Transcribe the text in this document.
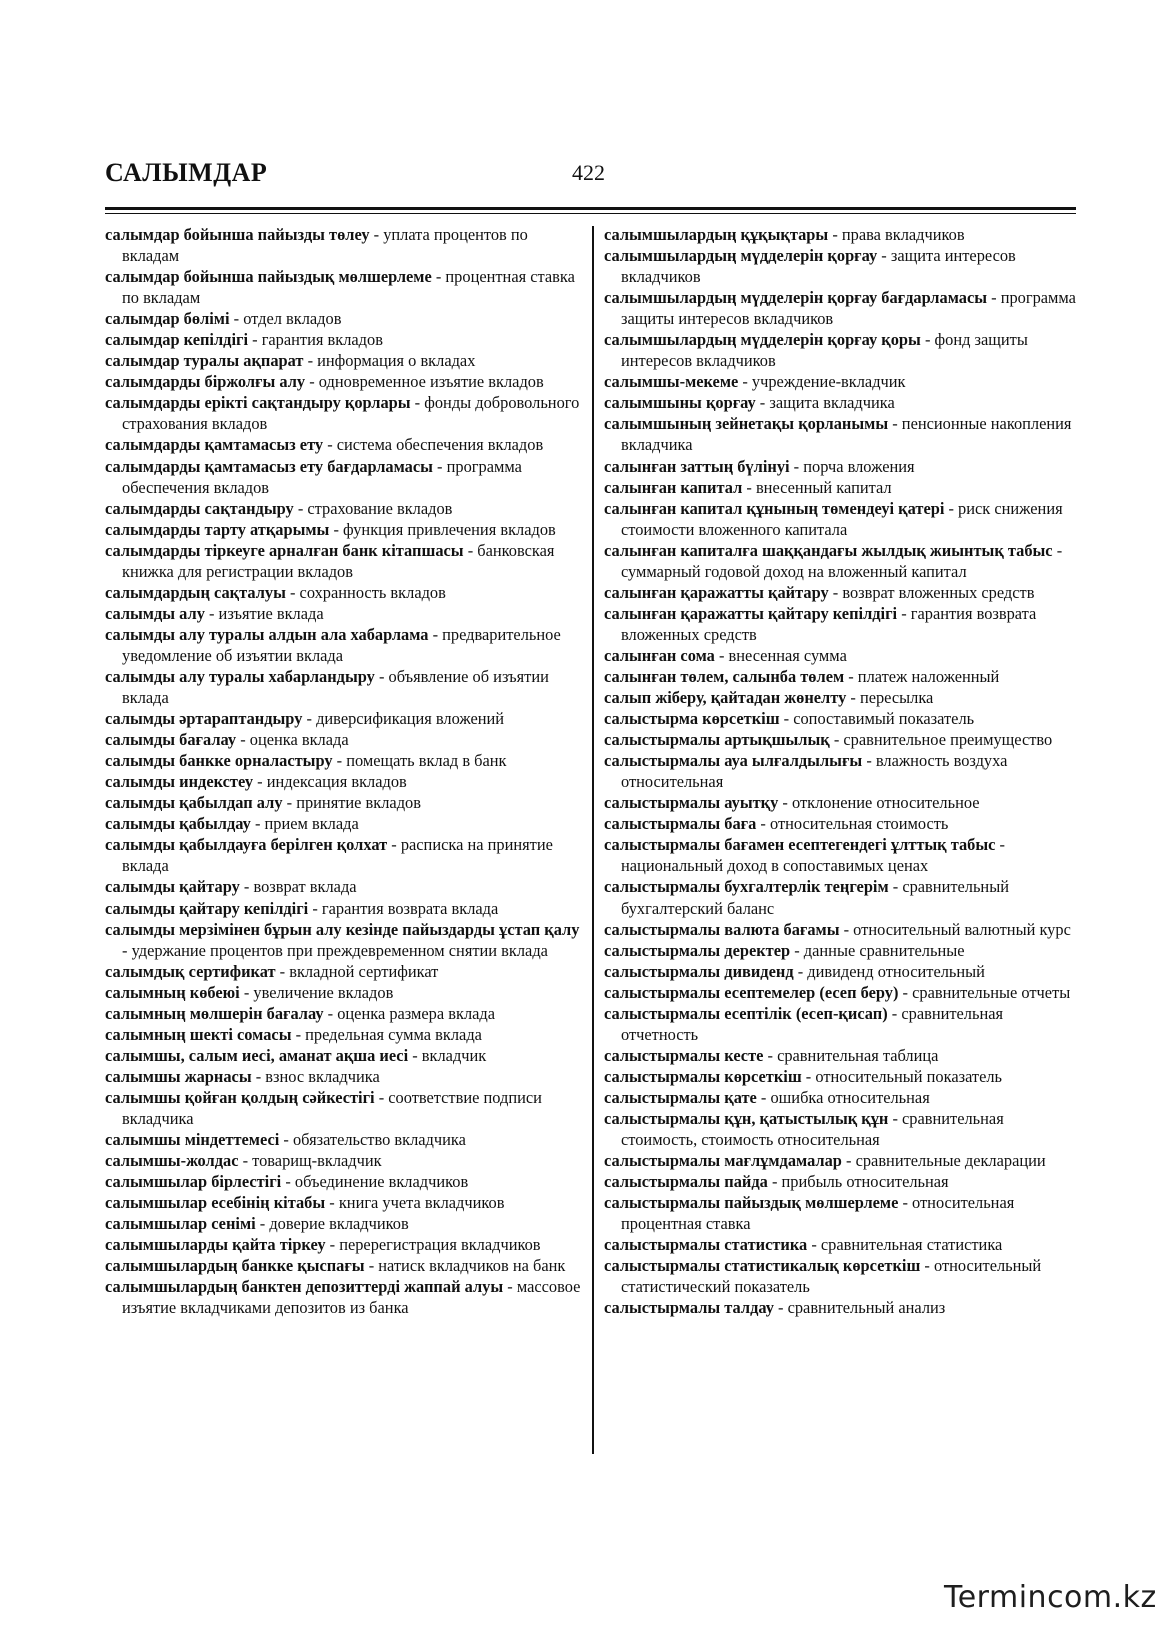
САЛЫМДАР	422

салымдар бойынша пайызды төлеу - уплата процентов по вкладам

салымдар бойынша пайыздық мөлшерлеме - процентная ставка по вкладам

салымдар бөлімі - отдел вкладов

салымдар кепілдігі - гарантия вкладов

салымдар туралы ақпарат - информация о вкладах

салымдарды біржолғы алу - одновременное изъятие вкладов

салымдарды ерікті сақтандыру қорлары - фонды добровольного страхования вкладов

салымдарды қамтамасыз ету - система обеспечения вкладов

салымдарды қамтамасыз ету бағдарламасы - программа обеспечения вкладов

салымдарды сақтандыру - страхование вкладов

салымдарды тарту атқарымы - функция привлечения вкладов

салымдарды тіркеуге арналған банк кітапшасы - банковская книжка для регистрации вкладов

салымдардың сақталуы - сохранность вкладов

салымды алу - изъятие вклада

салымды алу туралы алдын ала хабарлама - предварительное уведомление об изъятии вклада

салымды алу туралы хабарландыру - объявление об изъятии вклада

салымды әртараптандыру - диверсификация вложений

салымды бағалау - оценка вклада

салымды банкке орналастыру - помещать вклад в банк

салымды индекстеу - индексация вкладов

салымды қабылдап алу - принятие вкладов

салымды қабылдау - прием вклада

салымды қабылдауға берілген қолхат - расписка на принятие вклада

салымды қайтару - возврат вклада

салымды қайтару кепілдігі - гарантия возврата вклада

салымды мерзімінен бұрын алу кезінде пайыздарды ұстап қалу - удержание процентов при преждевременном снятии вклада

салымдық сертификат - вкладной сертификат

салымның көбеюі - увеличение вкладов

салымның мөлшерін бағалау - оценка размера вклада

салымның шекті сомасы - предельная сумма вклада

салымшы, салым иесі, аманат ақша иесі - вкладчик

салымшы жарнасы - взнос вкладчика

салымшы қойған қолдың сәйкестігі - соответствие подписи вкладчика

салымшы міндеттемесі - обязательство вкладчика

салымшы-жолдас - товарищ-вкладчик

салымшылар бірлестігі - объединение вкладчиков

салымшылар есебінің кітабы - книга учета вкладчиков

салымшылар сенімі - доверие вкладчиков

салымшыларды қайта тіркеу - перерегистрация вкладчиков

салымшылардың банкке қыспағы - натиск вкладчиков на банк

салымшылардың банктен депозиттерді жаппай алуы - массовое изъятие вкладчиками депозитов из банка

салымшылардың құқықтары - права вкладчиков

салымшылардың мүдделерін қорғау - защита интересов вкладчиков

салымшылардың мүдделерін қорғау бағдарламасы - программа защиты интересов вкладчиков

салымшылардың мүдделерін қорғау қоры - фонд защиты интересов вкладчиков

салымшы-мекеме - учреждение-вкладчик

салымшыны қорғау - защита вкладчика

салымшының зейнетақы қорланымы - пенсионные накопления вкладчика

салынған заттың бүлінуі - порча вложения

салынған капитал - внесенный капитал

салынған капитал құнының төмендеуі қатері - риск снижения стоимости вложенного капитала

салынған капиталға шаққандағы жылдық жиынтық табыс - суммарный годовой доход на вложенный капитал

салынған қаражатты қайтару - возврат вложенных средств

салынған қаражатты қайтару кепілдігі - гарантия возврата вложенных средств

салынған сома - внесенная сумма

салынған төлем, салынба төлем - платеж наложенный

салып жіберу, қайтадан жөнелту - пересылка

салыстырма көрсеткіш - сопоставимый показатель

салыстырмалы артықшылық - сравнительное преимущество

салыстырмалы ауа ылғалдылығы - влажность воздуха относительная

салыстырмалы ауытқу - отклонение относительное

салыстырмалы баға - относительная стоимость

салыстырмалы бағамен есептегендегі ұлттық табыс - национальный доход в сопоставимых ценах

салыстырмалы бухгалтерлік теңгерім - сравнительный бухгалтерский баланс

салыстырмалы валюта бағамы - относительный валютный курс

салыстырмалы деректер - данные сравнительные

салыстырмалы дивиденд - дивиденд относительный

салыстырмалы есептемелер (есеп беру) - сравнительные отчеты

салыстырмалы есептілік (есеп-қисап) - сравнительная отчетность

салыстырмалы кесте - сравнительная таблица

салыстырмалы көрсеткіш - относительный показатель

салыстырмалы қате - ошибка относительная

салыстырмалы құн, қатыстылық құн - сравнительная стоимость, стоимость относительная

салыстырмалы мағлұмдамалар - сравнительные декларации

салыстырмалы пайда - прибыль относительная

салыстырмалы пайыздық мөлшерлеме - относительная процентная ставка

салыстырмалы статистика - сравнительная статистика

салыстырмалы статистикалық көрсеткіш - относительный статистический показатель

салыстырмалы талдау - сравнительный анализ

Termincom.kz
